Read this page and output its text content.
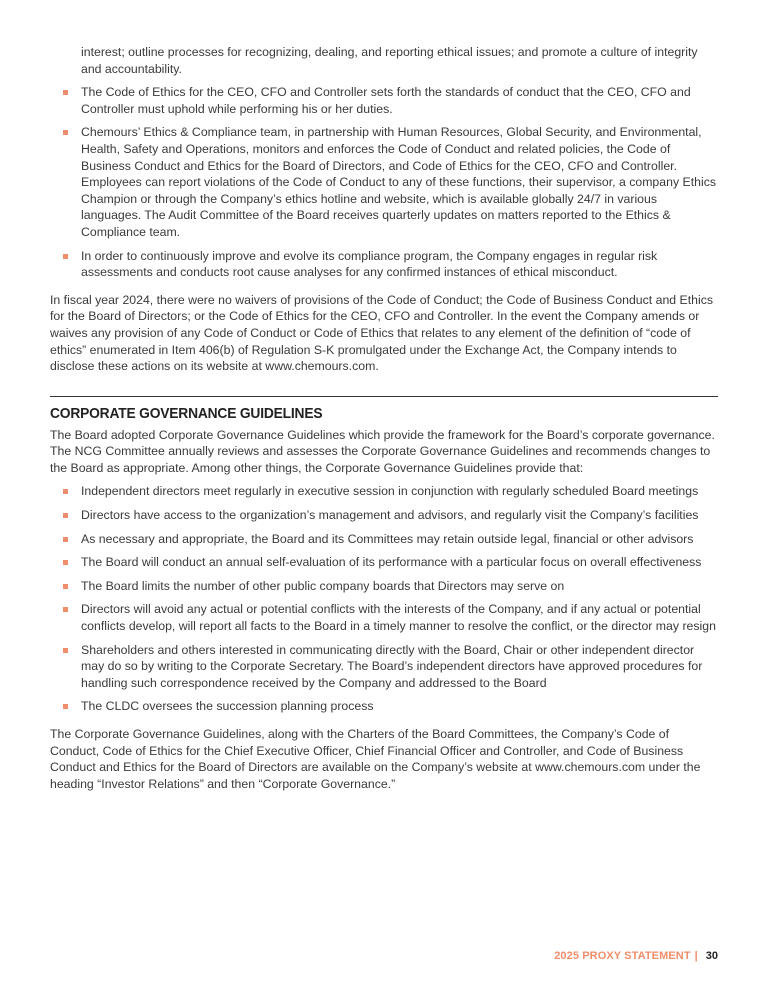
interest; outline processes for recognizing, dealing, and reporting ethical issues; and promote a culture of integrity and accountability.

The Code of Ethics for the CEO, CFO and Controller sets forth the standards of conduct that the CEO, CFO and Controller must uphold while performing his or her duties.
Chemours’ Ethics & Compliance team, in partnership with Human Resources, Global Security, and Environmental, Health, Safety and Operations, monitors and enforces the Code of Conduct and related policies, the Code of Business Conduct and Ethics for the Board of Directors, and Code of Ethics for the CEO, CFO and Controller. Employees can report violations of the Code of Conduct to any of these functions, their supervisor, a company Ethics Champion or through the Company’s ethics hotline and website, which is available globally 24/7 in various languages. The Audit Committee of the Board receives quarterly updates on matters reported to the Ethics & Compliance team.
In order to continuously improve and evolve its compliance program, the Company engages in regular risk assessments and conducts root cause analyses for any confirmed instances of ethical misconduct.

In fiscal year 2024, there were no waivers of provisions of the Code of Conduct; the Code of Business Conduct and Ethics for the Board of Directors; or the Code of Ethics for the CEO, CFO and Controller. In the event the Company amends or waives any provision of any Code of Conduct or Code of Ethics that relates to any element of the definition of “code of ethics” enumerated in Item 406(b) of Regulation S-K promulgated under the Exchange Act, the Company intends to disclose these actions on its website at www.chemours.com.

CORPORATE GOVERNANCE GUIDELINES

The Board adopted Corporate Governance Guidelines which provide the framework for the Board’s corporate governance. The NCG Committee annually reviews and assesses the Corporate Governance Guidelines and recommends changes to the Board as appropriate. Among other things, the Corporate Governance Guidelines provide that:

Independent directors meet regularly in executive session in conjunction with regularly scheduled Board meetings
Directors have access to the organization’s management and advisors, and regularly visit the Company’s facilities
As necessary and appropriate, the Board and its Committees may retain outside legal, financial or other advisors
The Board will conduct an annual self-evaluation of its performance with a particular focus on overall effectiveness
The Board limits the number of other public company boards that Directors may serve on
Directors will avoid any actual or potential conflicts with the interests of the Company, and if any actual or potential conflicts develop, will report all facts to the Board in a timely manner to resolve the conflict, or the director may resign
Shareholders and others interested in communicating directly with the Board, Chair or other independent director may do so by writing to the Corporate Secretary. The Board’s independent directors have approved procedures for handling such correspondence received by the Company and addressed to the Board
The CLDC oversees the succession planning process

The Corporate Governance Guidelines, along with the Charters of the Board Committees, the Company’s Code of Conduct, Code of Ethics for the Chief Executive Officer, Chief Financial Officer and Controller, and Code of Business Conduct and Ethics for the Board of Directors are available on the Company’s website at www.chemours.com under the heading “Investor Relations” and then “Corporate Governance.”

2025 PROXY STATEMENT | 30
